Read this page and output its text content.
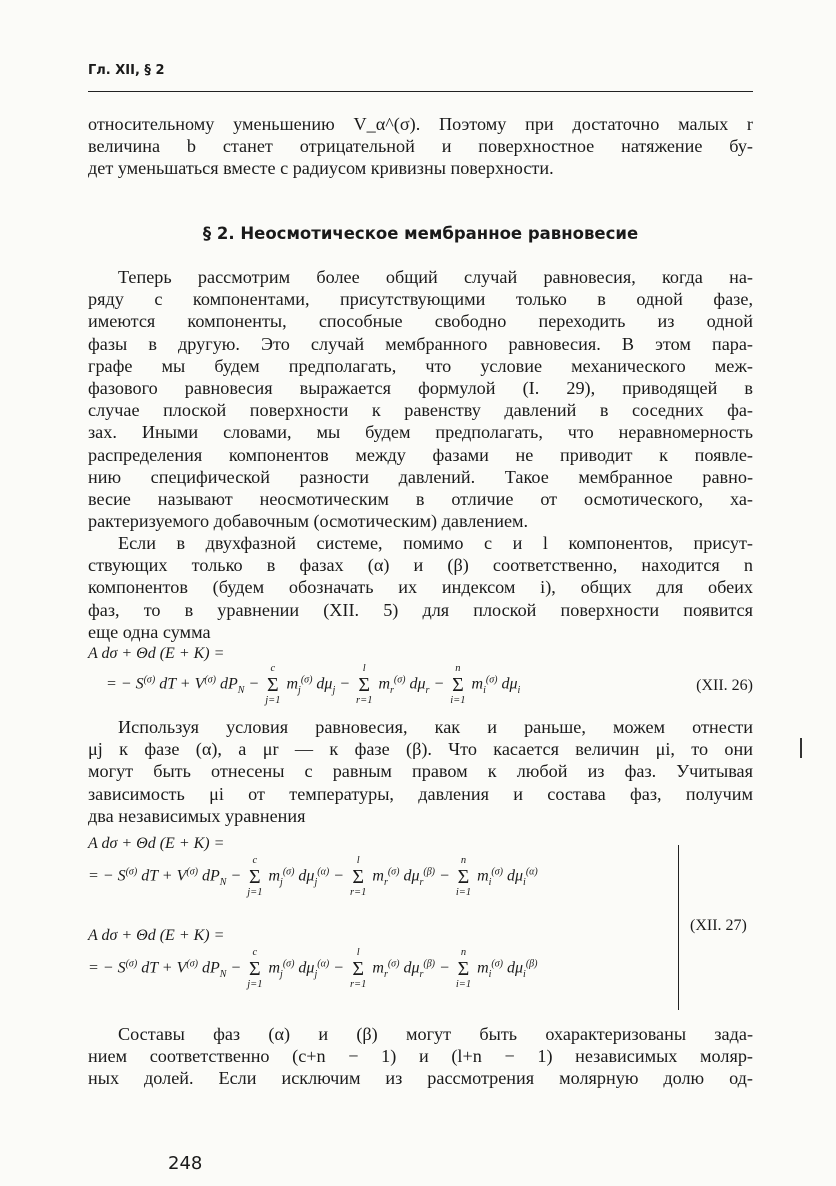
Гл. XII, § 2

относительному уменьшению V_α^(σ). Поэтому при достаточно малых r
величина b станет отрицательной и поверхностное натяжение бу-
дет уменьшаться вместе с радиусом кривизны поверхности.

§ 2. Неосмотическое мембранное равновесие

Теперь рассмотрим более общий случай равновесия, когда на-
ряду с компонентами, присутствующими только в одной фазе,
имеются компоненты, способные свободно переходить из одной
фазы в другую. Это случай мембранного равновесия. В этом пара-
графе мы будем предполагать, что условие механического меж-
фазового равновесия выражается формулой (I. 29), приводящей в
случае плоской поверхности к равенству давлений в соседних фа-
зах. Иными словами, мы будем предполагать, что неравномерность
распределения компонентов между фазами не приводит к появле-
нию специфической разности давлений. Такое мембранное равно-
весие называют неосмотическим в отличие от осмотического, ха-
рактеризуемого добавочным (осмотическим) давлением.

Если в двухфазной системе, помимо c и l компонентов, присут-
ствующих только в фазах (α) и (β) соответственно, находится n
компонентов (будем обозначать их индексом i), общих для обеих
фаз, то в уравнении (XII. 5) для плоской поверхности появится
еще одна сумма

A dσ + Θd (E + K) =
= − $S^{(\sigma)}$ dT + $V^{(\sigma)}$ $dP_N$ −
c
Σ
j=1
$m_j^{(\sigma)}$ $d\mu_j$ −
l
Σ
r=1
$m_r^{(\sigma)}$ $d\mu_r$ −
n
Σ
i=1
$m_i^{(\sigma)}$ $d\mu_i$	(XII. 26)

Используя условия равновесия, как и раньше, можем отнести
μj к фазе (α), а μr — к фазе (β). Что касается величин μi, то они
могут быть отнесены с равным правом к любой из фаз. Учитывая
зависимость μi от температуры, давления и состава фаз, получим
два независимых уравнения

A dσ + Θd (E + K) =
= − $S^{(\sigma)}$ dT + $V^{(\sigma)}$ $dP_N$ −
c
Σ
j=1
$m_j^{(\sigma)}$ $d\mu_j^{(\alpha)}$ −
l
Σ
r=1
$m_r^{(\sigma)}$ $d\mu_r^{(\beta)}$ −
n
Σ
i=1
$m_i^{(\sigma)}$ $d\mu_i^{(\alpha)}$
A dσ + Θd (E + K) =
= − $S^{(\sigma)}$ dT + $V^{(\sigma)}$ $dP_N$ −
c
Σ
j=1
$m_j^{(\sigma)}$ $d\mu_j^{(\alpha)}$ −
l
Σ
r=1
$m_r^{(\sigma)}$ $d\mu_r^{(\beta)}$ −
n
Σ
i=1
$m_i^{(\sigma)}$ $d\mu_i^{(\beta)}$
(XII. 27)

Составы фаз (α) и (β) могут быть охарактеризованы зада-
нием соответственно (c+n − 1) и (l+n − 1) независимых моляр-
ных долей. Если исключим из рассмотрения молярную долю од-

248
